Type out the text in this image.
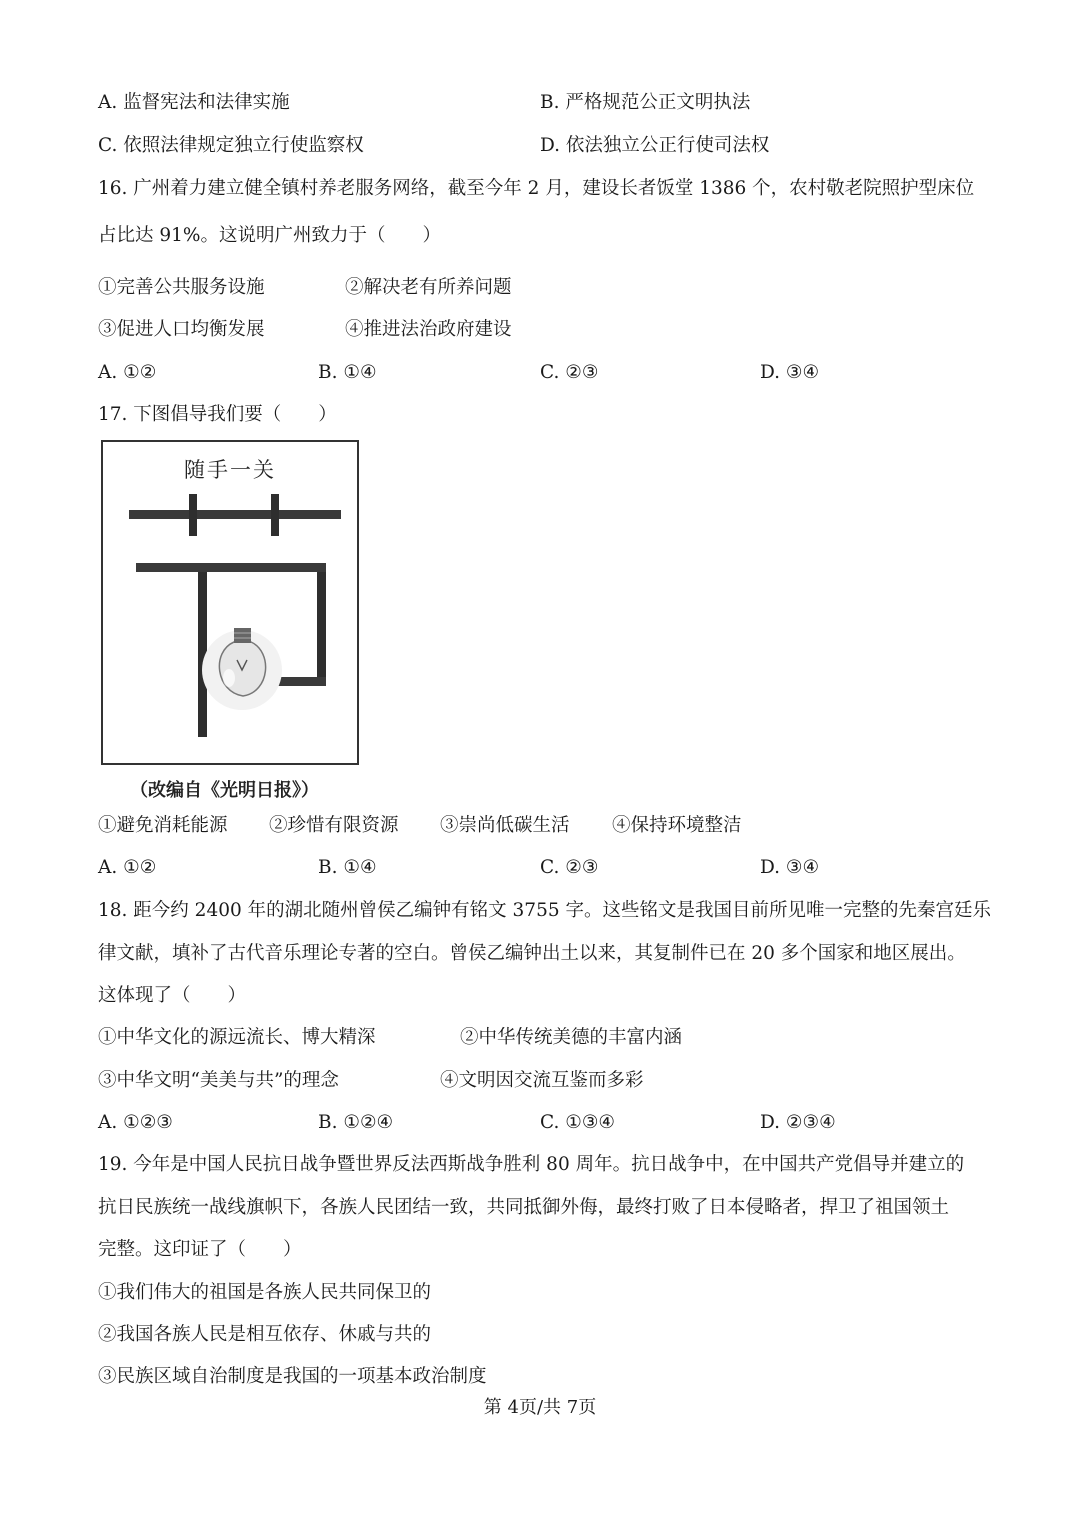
A. 监督宪法和法律实施	B. 严格规范公正文明执法
C. 依照法律规定独立行使监察权	D. 依法独立公正行使司法权
16. 广州着力建立健全镇村养老服务网络，截至今年 2 月，建设长者饭堂 1386 个，农村敬老院照护型床位
占比达 91%。这说明广州致力于（　　）
①完善公共服务设施	②解决老有所养问题
③促进人口均衡发展	④推进法治政府建设
A. ①②	B. ①④	C. ②③	D. ③④
17. 下图倡导我们要（　　）
随手一关
（改编自《光明日报》）
①避免消耗能源 ②珍惜有限资源 ③崇尚低碳生活 ④保持环境整洁
A. ①②	B. ①④	C. ②③	D. ③④
18. 距今约 2400 年的湖北随州曾侯乙编钟有铭文 3755 字。这些铭文是我国目前所见唯一完整的先秦宫廷乐
律文献，填补了古代音乐理论专著的空白。曾侯乙编钟出土以来，其复制件已在 20 多个国家和地区展出。
这体现了（　　）
①中华文化的源远流长、博大精深	②中华传统美德的丰富内涵
③中华文明“美美与共”的理念	④文明因交流互鉴而多彩
A. ①②③	B. ①②④	C. ①③④	D. ②③④
19. 今年是中国人民抗日战争暨世界反法西斯战争胜利 80 周年。抗日战争中，在中国共产党倡导并建立的
抗日民族统一战线旗帜下，各族人民团结一致，共同抵御外侮，最终打败了日本侵略者，捍卫了祖国领土
完整。这印证了（　　）
①我们伟大的祖国是各族人民共同保卫的
②我国各族人民是相互依存、休戚与共的
③民族区域自治制度是我国的一项基本政治制度
第 4页/共 7页
